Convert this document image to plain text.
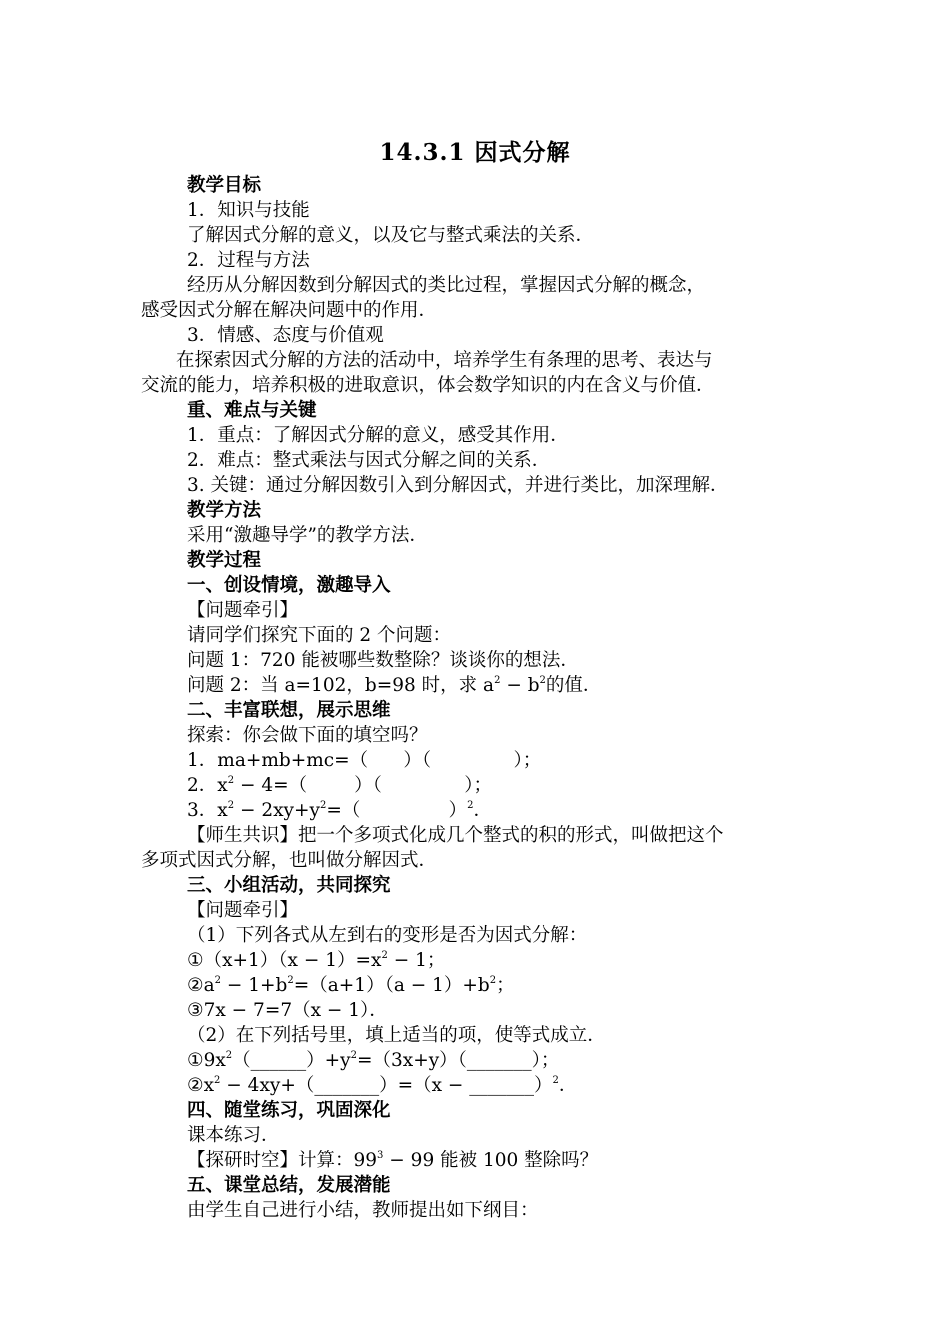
14.3.1 因式分解
教学目标
1．知识与技能
了解因式分解的意义，以及它与整式乘法的关系．
2．过程与方法
经历从分解因数到分解因式的类比过程，掌握因式分解的概念，
感受因式分解在解决问题中的作用．
3．情感、态度与价值观
在探索因式分解的方法的活动中，培养学生有条理的思考、表达与
交流的能力，培养积极的进取意识，体会数学知识的内在含义与价值．
重、难点与关键
1．重点：了解因式分解的意义，感受其作用．
2．难点：整式乘法与因式分解之间的关系．
3. 关键：通过分解因数引入到分解因式，并进行类比，加深理解．
教学方法
采用“激趣导学”的教学方法．
教学过程
一、创设情境，激趣导入
【问题牵引】
请同学们探究下面的 2 个问题：
问题 1：720 能被哪些数整除？谈谈你的想法．
问题 2：当 a=102，b=98 时，求 $a^2 - b^2$的值．
二、丰富联想，展示思维
探索：你会做下面的填空吗？
1．ma+mb+mc=（      ）（              ）；
2．$x^2 - 4=$（        ）（              ）；
3．$x^2 - 2xy+y^2=$（               ）$^2$．
【师生共识】把一个多项式化成几个整式的积的形式，叫做把这个
多项式因式分解，也叫做分解因式．
三、小组活动，共同探究
【问题牵引】
（1）下列各式从左到右的变形是否为因式分解：
①（x+1）（x − $1)=x^2 - 1$；
$②a^2 - 1+b^2=(a+1)(a - 1)+b^2$；
③7x − 7=7（x − 1）．
（2）在下列括号里，填上适当的项，使等式成立．
$①9x^2(\_\_\_\_\_\_)+y^2=(3x+y)(\_\_\_\_\_\_\_)$；
$②x^2$ − 4xy+（_______）=（x − _______）$^2$．
四、随堂练习，巩固深化
课本练习．
【探研时空】计算：$99^3 - 99$ 能被 100 整除吗？
五、课堂总结，发展潜能
由学生自己进行小结，教师提出如下纲目：
